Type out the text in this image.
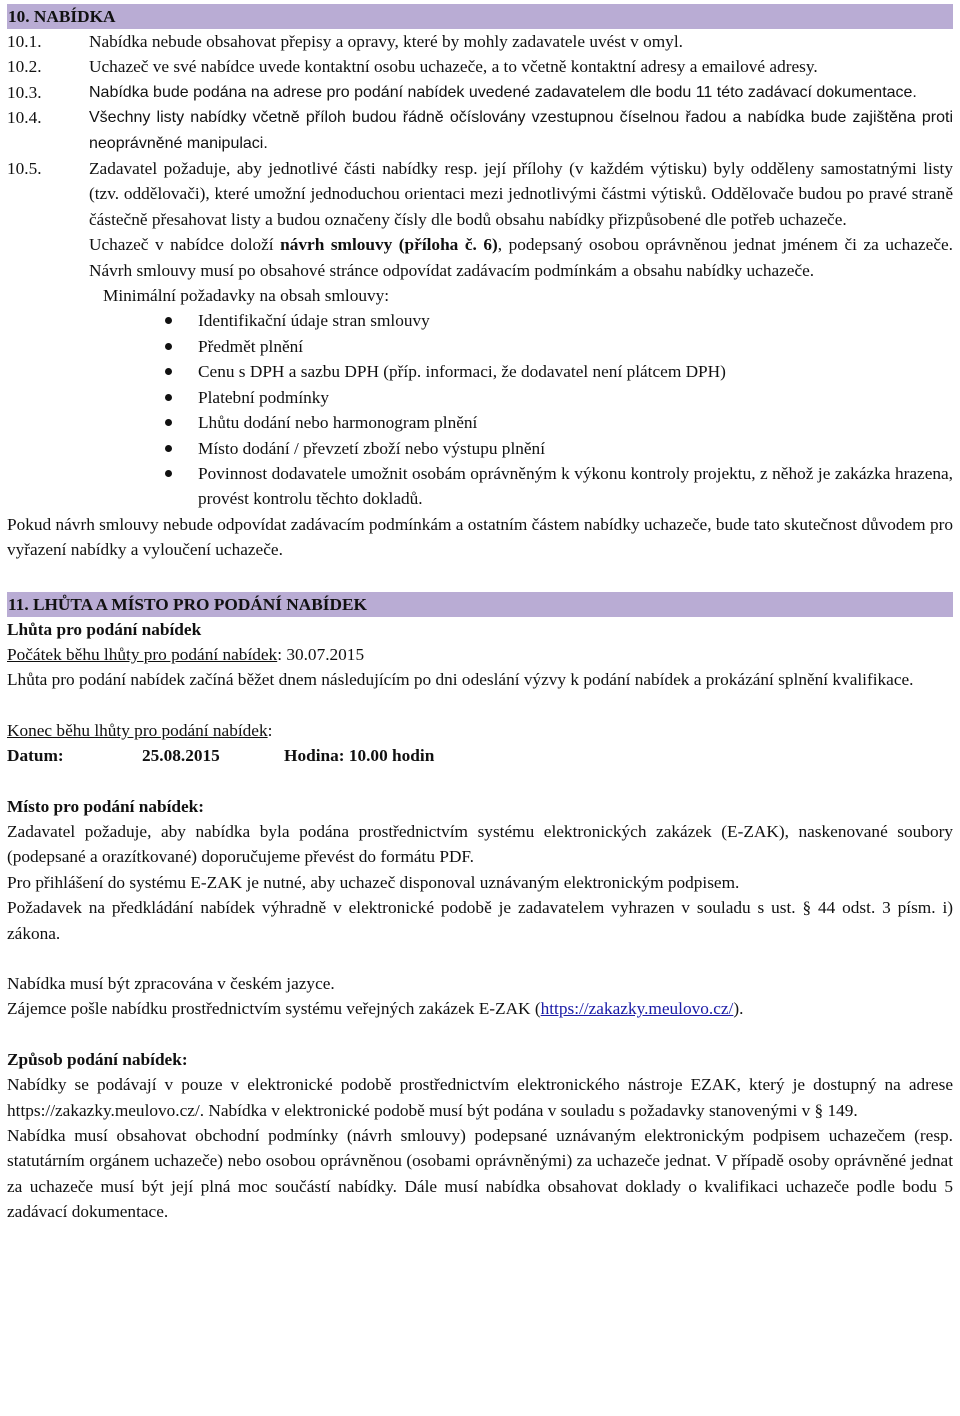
10. NABÍDKA
10.1.	Nabídka nebude obsahovat přepisy a opravy, které by mohly zadavatele uvést v omyl.
10.2.	Uchazeč ve své nabídce uvede kontaktní osobu uchazeče, a to včetně kontaktní adresy a emailové adresy.
10.3.	Nabídka bude podána na adrese pro podání nabídek uvedené zadavatelem dle bodu 11 této zadávací dokumentace.
10.4.	Všechny listy nabídky včetně příloh budou řádně očíslovány vzestupnou číselnou řadou a nabídka bude zajištěna proti neoprávněné manipulaci.
10.5.	Zadavatel požaduje, aby jednotlivé části nabídky resp. její přílohy (v každém výtisku) byly odděleny samostatnými listy (tzv. oddělovači), které umožní jednoduchou orientaci mezi jednotlivými částmi výtisků. Oddělovače budou po pravé straně částečně přesahovat listy a budou označeny čísly dle bodů obsahu nabídky přizpůsobené dle potřeb uchazeče.
Uchazeč v nabídce doloží návrh smlouvy (příloha č. 6), podepsaný osobou oprávněnou jednat jménem či za uchazeče. Návrh smlouvy musí po obsahové stránce odpovídat zadávacím podmínkám a obsahu nabídky uchazeče.
Minimální požadavky na obsah smlouvy:
Identifikační údaje stran smlouvy
Předmět plnění
Cenu s DPH a sazbu DPH (příp. informaci, že dodavatel není plátcem DPH)
Platební podmínky
Lhůtu dodání nebo harmonogram plnění
Místo dodání / převzetí zboží nebo výstupu plnění
Povinnost dodavatele umožnit osobám oprávněným k výkonu kontroly projektu, z něhož je zakázka hrazena, provést kontrolu těchto dokladů.
Pokud návrh smlouvy nebude odpovídat zadávacím podmínkám a ostatním částem nabídky uchazeče, bude tato skutečnost důvodem pro vyřazení nabídky a vyloučení uchazeče.
11. LHŮTA A MÍSTO PRO PODÁNÍ NABÍDEK
Lhůta pro podání nabídek
Počátek běhu lhůty pro podání nabídek: 30.07.2015
Lhůta pro podání nabídek začíná běžet dnem následujícím po dni odeslání výzvy k podání nabídek a prokázání splnění kvalifikace.
Konec běhu lhůty pro podání nabídek:
Datum:	25.08.2015	Hodina: 10.00 hodin
Místo pro podání nabídek:
Zadavatel požaduje, aby nabídka byla podána prostřednictvím systému elektronických zakázek (E-ZAK), naskenované soubory (podepsané a orazítkované) doporučujeme převést do formátu PDF.
Pro přihlášení do systému E-ZAK je nutné, aby uchazeč disponoval uznávaným elektronickým podpisem.
Požadavek na předkládání nabídek výhradně v elektronické podobě je zadavatelem vyhrazen v souladu s ust. § 44 odst. 3 písm. i) zákona.
Nabídka musí být zpracována v českém jazyce.
Zájemce pošle nabídku prostřednictvím systému veřejných zakázek E-ZAK (https://zakazky.meulovo.cz/).
Způsob podání nabídek:
Nabídky se podávají v pouze v elektronické podobě prostřednictvím elektronického nástroje EZAK, který je dostupný na adrese https://zakazky.meulovo.cz/. Nabídka v elektronické podobě musí být podána v souladu s požadavky stanovenými v § 149.
Nabídka musí obsahovat obchodní podmínky (návrh smlouvy) podepsané uznávaným elektronickým podpisem uchazečem (resp. statutárním orgánem uchazeče) nebo osobou oprávněnou (osobami oprávněnými) za uchazeče jednat. V případě osoby oprávněné jednat za uchazeče musí být její plná moc součástí nabídky. Dále musí nabídka obsahovat doklady o kvalifikaci uchazeče podle bodu 5 zadávací dokumentace.
